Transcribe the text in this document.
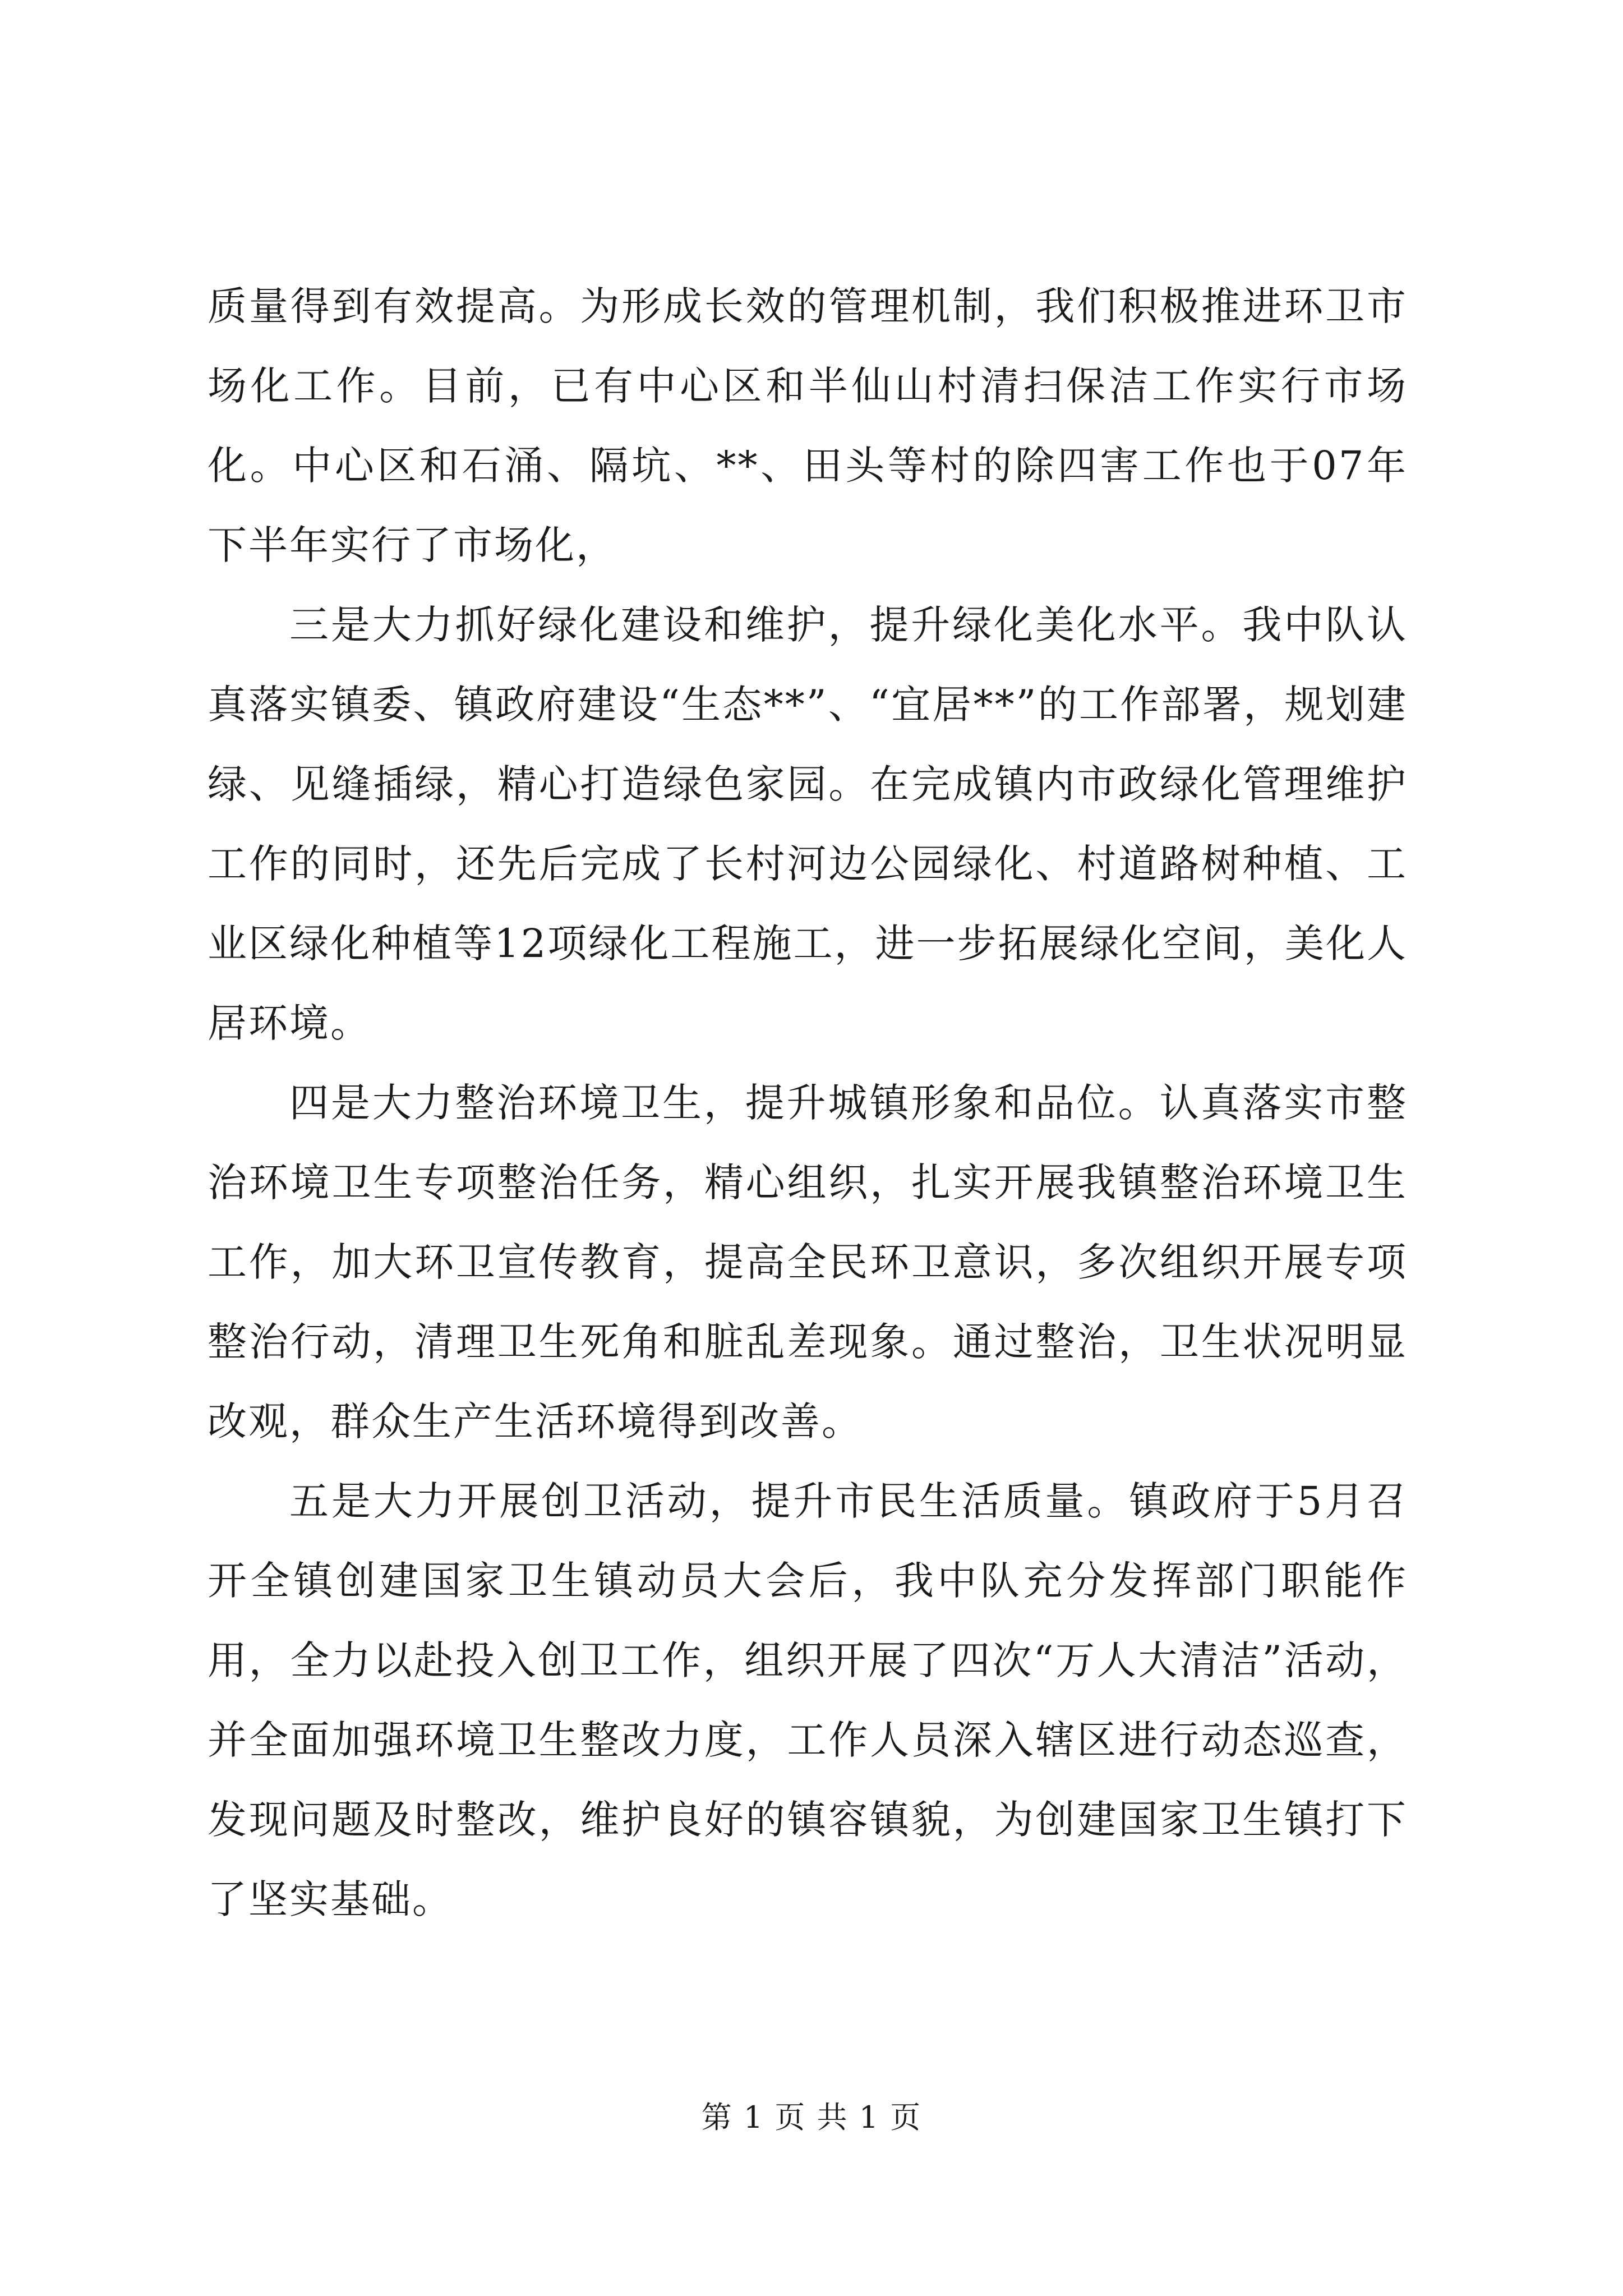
质量得到有效提高。为形成长效的管理机制，我们积极推进环卫市场化工作。目前，已有中心区和半仙山村清扫保洁工作实行市场化。中心区和石涌、隔坑、**、田头等村的除四害工作也于07年下半年实行了市场化，

三是大力抓好绿化建设和维护，提升绿化美化水平。我中队认真落实镇委、镇政府建设“生态**”、“宜居**”的工作部署，规划建绿、见缝插绿，精心打造绿色家园。在完成镇内市政绿化管理维护工作的同时，还先后完成了长村河边公园绿化、村道路树种植、工业区绿化种植等12项绿化工程施工，进一步拓展绿化空间，美化人居环境。

四是大力整治环境卫生，提升城镇形象和品位。认真落实市整治环境卫生专项整治任务，精心组织，扎实开展我镇整治环境卫生工作，加大环卫宣传教育，提高全民环卫意识，多次组织开展专项整治行动，清理卫生死角和脏乱差现象。通过整治，卫生状况明显改观，群众生产生活环境得到改善。

五是大力开展创卫活动，提升市民生活质量。镇政府于5月召开全镇创建国家卫生镇动员大会后，我中队充分发挥部门职能作用，全力以赴投入创卫工作，组织开展了四次“万人大清洁”活动，并全面加强环境卫生整改力度，工作人员深入辖区进行动态巡查，发现问题及时整改，维护良好的镇容镇貌，为创建国家卫生镇打下了坚实基础。

第 1 页 共 1 页
